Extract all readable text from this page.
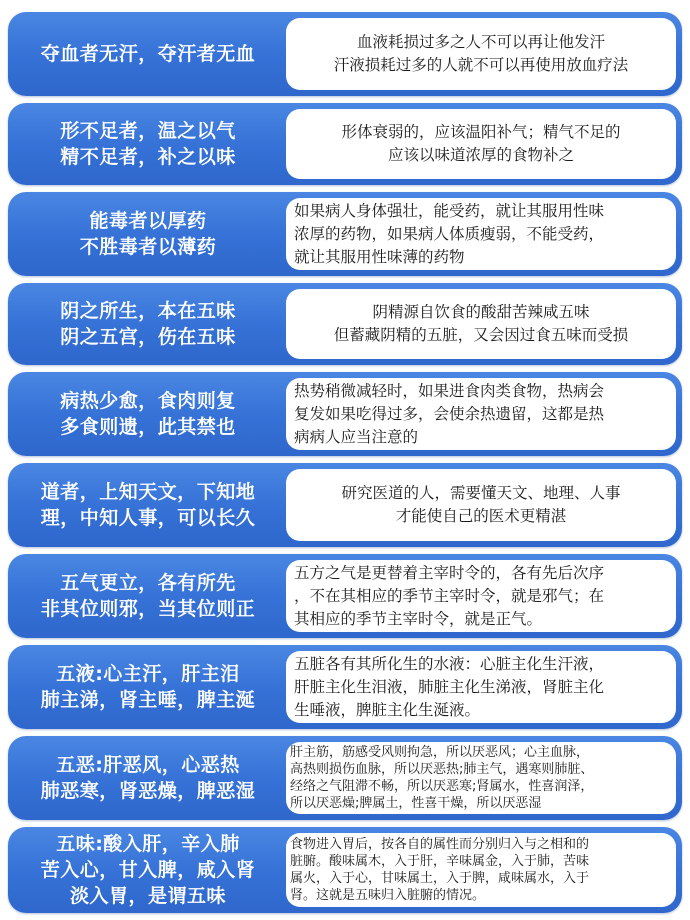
夺血者无汗，夺汗者无血
血液耗损过多之人不可以再让他发汗
汗液损耗过多的人就不可以再使用放血疗法
形不足者，温之以气
精不足者，补之以味
形体衰弱的，应该温阳补气；精气不足的
应该以味道浓厚的食物补之
能毒者以厚药
不胜毒者以薄药
如果病人身体强壮，能受药，就让其服用性味
浓厚的药物，如果病人体质瘦弱，不能受药，
就让其服用性味薄的药物
阴之所生，本在五味
阴之五宫，伤在五味
阴精源自饮食的酸甜苦辣咸五味
但蓄藏阴精的五脏，又会因过食五味而受损
病热少愈，食肉则复
多食则遗，此其禁也
热势稍微减轻时，如果进食肉类食物，热病会
复发如果吃得过多，会使余热遗留，这都是热
病病人应当注意的
道者，上知天文，下知地
理，中知人事，可以长久
研究医道的人，需要懂天文、地理、人事
才能使自己的医术更精湛
五气更立，各有所先
非其位则邪，当其位则正
五方之气是更替着主宰时令的，各有先后次序
，不在其相应的季节主宰时令，就是邪气；在
其相应的季节主宰时令，就是正气。
五液:心主汗，肝主泪
肺主涕，肾主唾，脾主涎
五脏各有其所化生的水液：心脏主化生汗液，
肝脏主化生泪液，肺脏主化生涕液，肾脏主化
生唾液，脾脏主化生涎液。
五恶:肝恶风，心恶热
肺恶寒，肾恶燥，脾恶湿
肝主筋，筋感受风则拘急，所以厌恶风；心主血脉，
高热则损伤血脉，所以厌恶热;肺主气，遇寒则肺脏、
经络之气阻滞不畅，所以厌恶寒;肾属水，性喜润泽，
所以厌恶燥;脾属土，性喜干燥，所以厌恶湿
五味:酸入肝，辛入肺
苦入心，甘入脾，咸入肾
淡入胃，是谓五味
食物进入胃后，按各自的属性而分别归入与之相和的
脏腑。酸味属木，入于肝，辛味属金，入于肺，苦味
属火，入于心，甘味属土，入于脾，咸味属水，入于
肾。这就是五味归入脏腑的情况。
